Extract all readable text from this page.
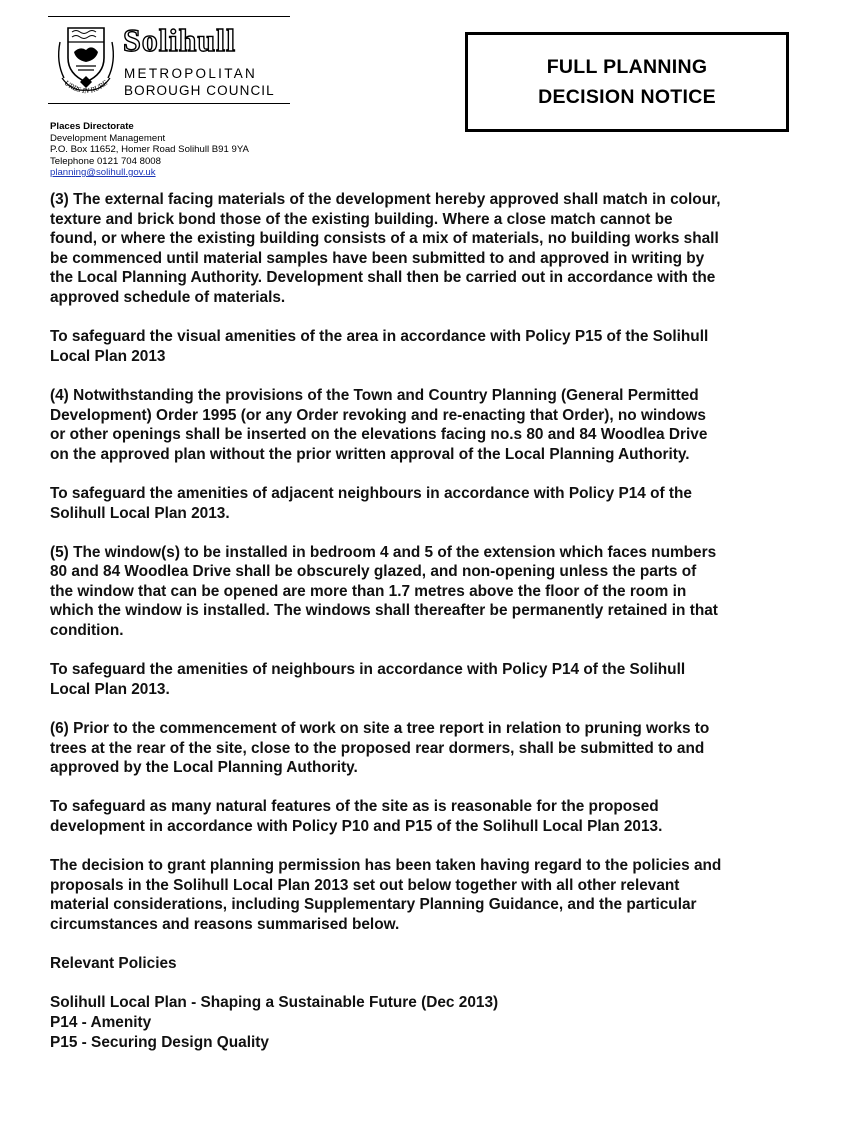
URBS IN RURE
Solihull
METROPOLITAN
BOROUGH COUNCIL
FULL PLANNING
DECISION NOTICE
Places Directorate
Development Management
P.O. Box 11652, Homer Road Solihull B91 9YA
Telephone 0121 704 8008
planning@solihull.gov.uk

(3) The external facing materials of the development hereby approved shall match in colour,
texture and brick bond those of the existing building. Where a close match cannot be
found, or where the existing building consists of a mix of materials, no building works shall
be commenced until material samples have been submitted to and approved in writing by
the Local Planning Authority. Development shall then be carried out in accordance with the
approved schedule of materials.

To safeguard the visual amenities of the area in accordance with Policy P15 of the Solihull
Local Plan 2013

(4) Notwithstanding the provisions of the Town and Country Planning (General Permitted
Development) Order 1995 (or any Order revoking and re-enacting that Order), no windows
or other openings shall be inserted on the elevations facing no.s 80 and 84 Woodlea Drive
on the approved plan without the prior written approval of the Local Planning Authority.

To safeguard the amenities of adjacent neighbours in accordance with Policy P14 of the
Solihull Local Plan 2013.

(5) The window(s) to be installed in bedroom 4 and 5 of the extension which faces numbers
80 and 84 Woodlea Drive shall be obscurely glazed, and non-opening unless the parts of
the window that can be opened are more than 1.7 metres above the floor of the room in
which the window is installed. The windows shall thereafter be permanently retained in that
condition.

To safeguard the amenities of neighbours in accordance with Policy P14 of the Solihull
Local Plan 2013.

(6) Prior to the commencement of work on site a tree report in relation to pruning works to
trees at the rear of the site, close to the proposed rear dormers, shall be submitted to and
approved by the Local Planning Authority.

To safeguard as many natural features of the site as is reasonable for the proposed
development in accordance with Policy P10 and P15 of the Solihull Local Plan 2013.

The decision to grant planning permission has been taken having regard to the policies and
proposals in the Solihull Local Plan 2013 set out below together with all other relevant
material considerations, including Supplementary Planning Guidance, and the particular
circumstances and reasons summarised below.

Relevant Policies

Solihull Local Plan - Shaping a Sustainable Future (Dec 2013)

P14 - Amenity

P15 - Securing Design Quality
